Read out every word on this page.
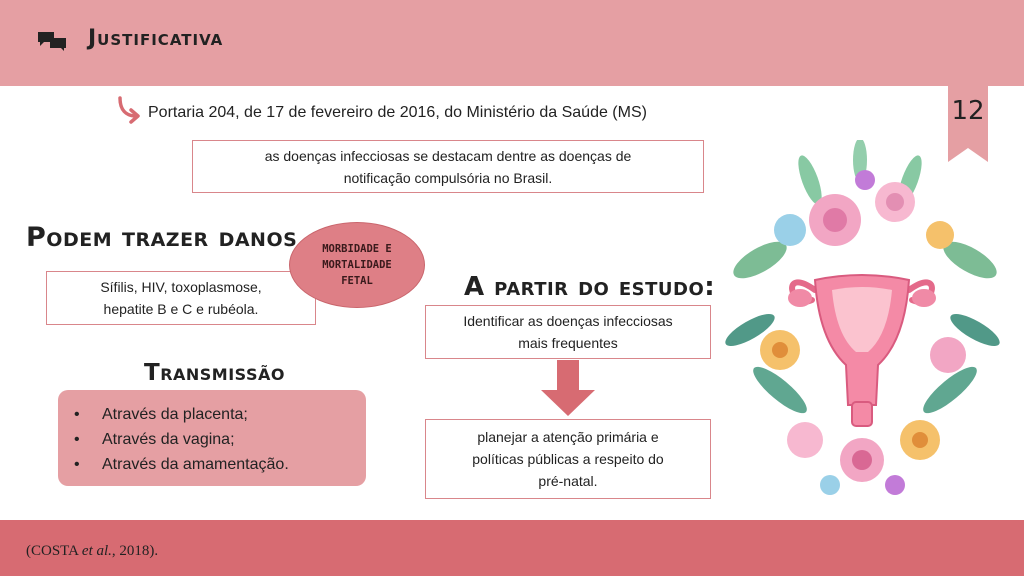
Justificativa
12
Portaria 204, de 17 de fevereiro de 2016, do Ministério da Saúde (MS)
as doenças infecciosas se destacam dentre as doenças de
notificação compulsória no Brasil.
Podem trazer danos
Sífilis, HIV, toxoplasmose,
hepatite B e C e rubéola.
MORBIDADE E
MORTALIDADE
FETAL	A partir do estudo:
Identificar as doenças infecciosas
mais frequentes
planejar a atenção primária e
políticas públicas a respeito do
pré-natal.
Transmissão
• Através da placenta;
• Através da vagina;
• Através da amamentação.
(COSTA et al., 2018).
